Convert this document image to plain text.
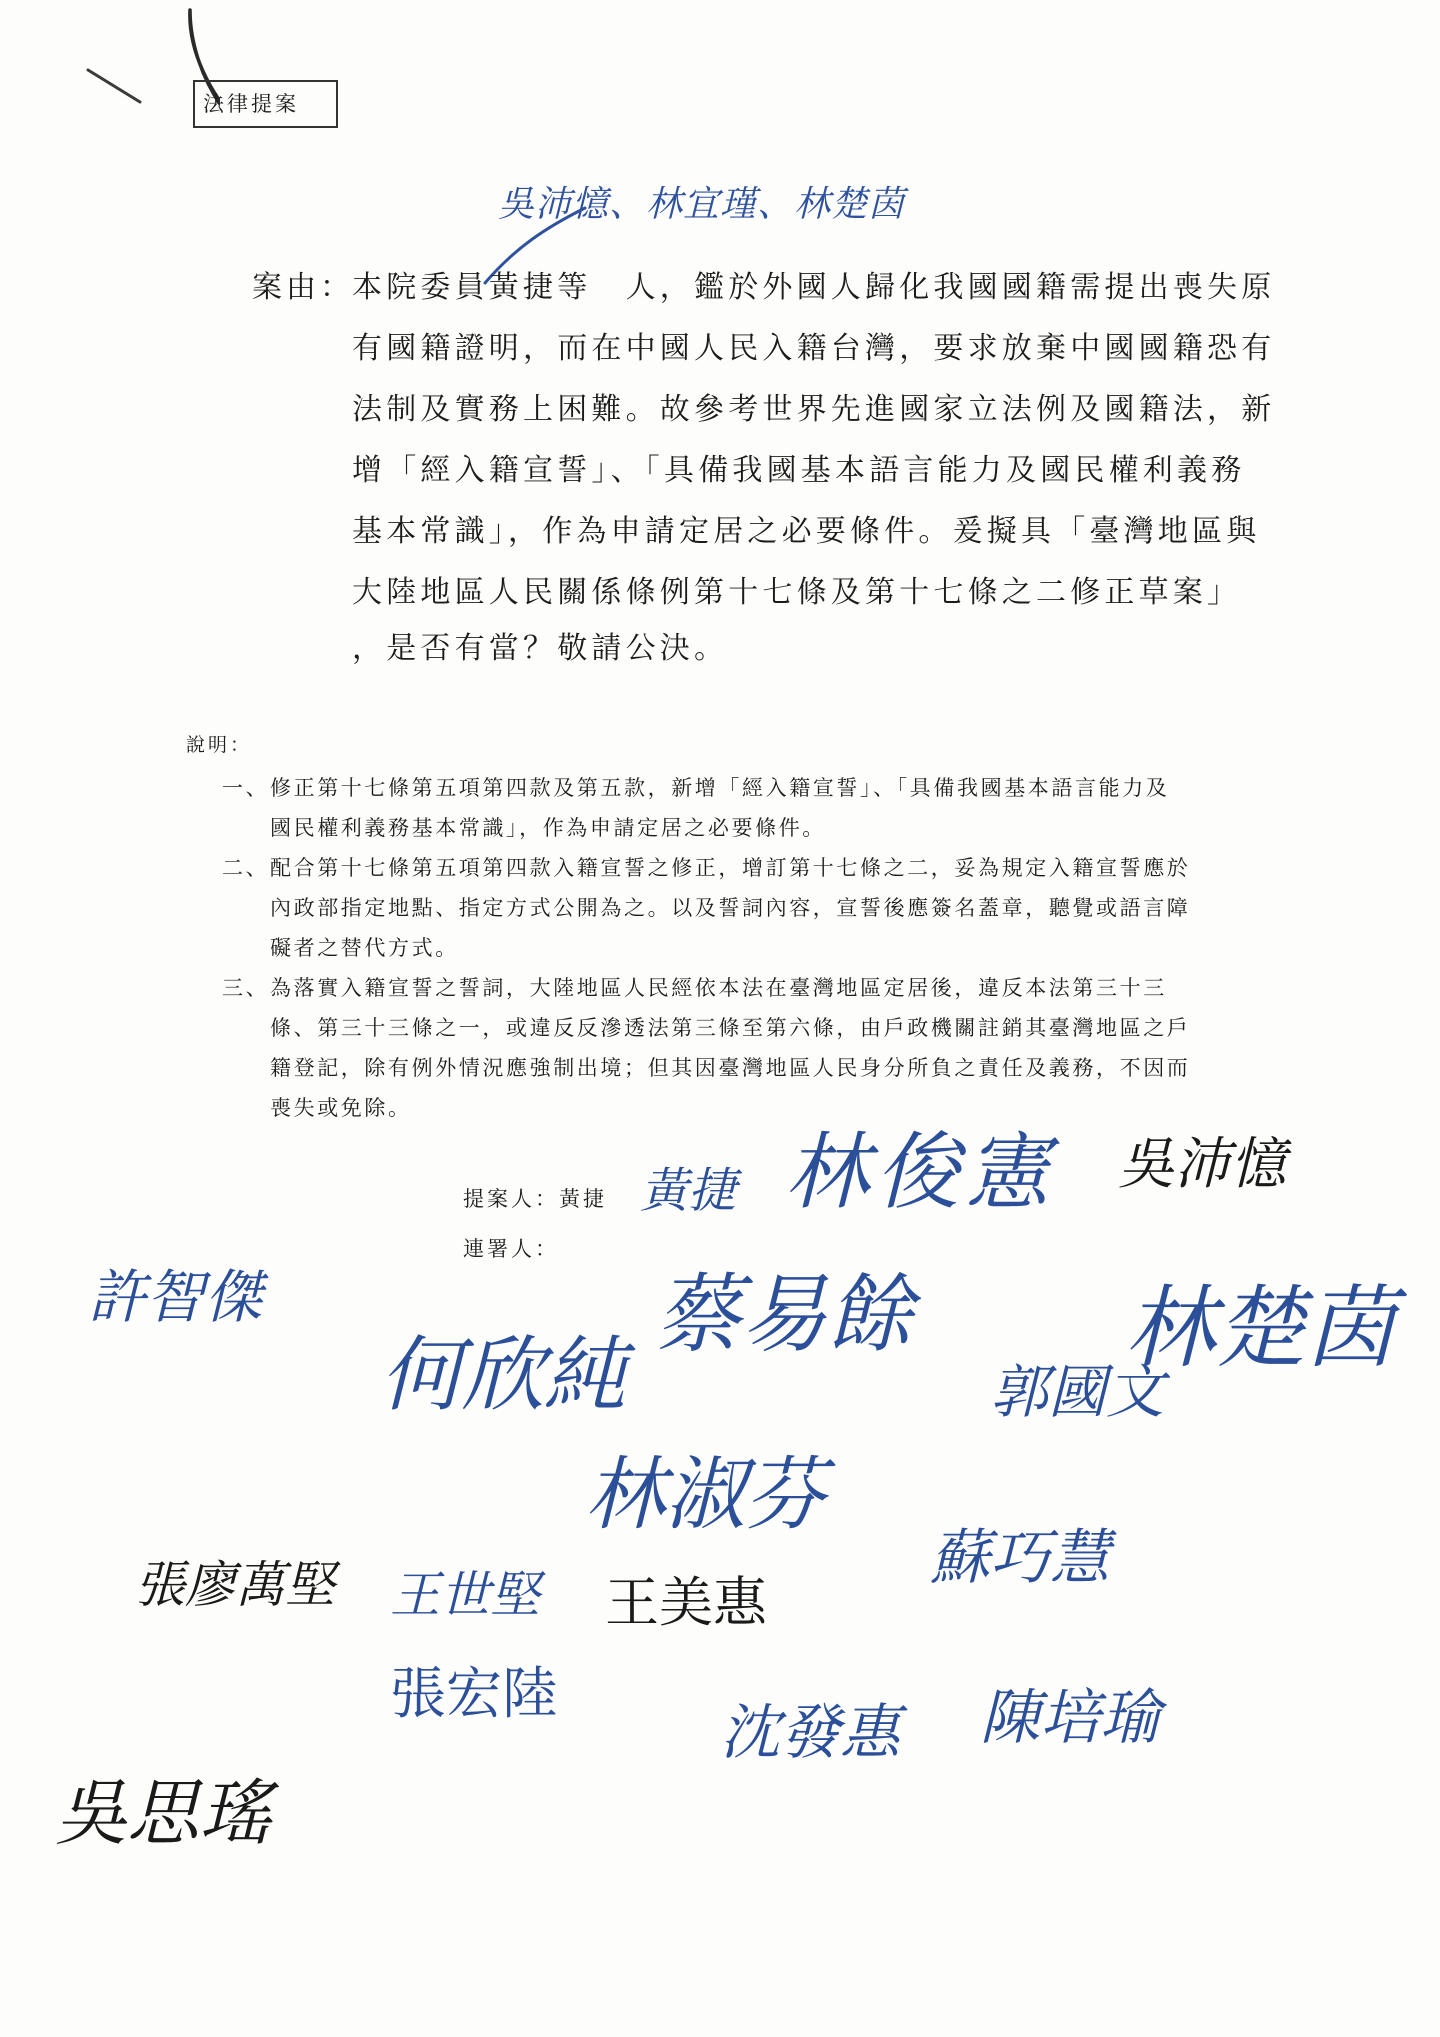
法律提案
吳沛憶、林宜瑾、林楚茵
案由：
本院委員黃捷等　人，鑑於外國人歸化我國國籍需提出喪失原
有國籍證明，而在中國人民入籍台灣，要求放棄中國國籍恐有
法制及實務上困難。故參考世界先進國家立法例及國籍法，新
增「經入籍宣誓」、「具備我國基本語言能力及國民權利義務
基本常識」，作為申請定居之必要條件。爰擬具「臺灣地區與
大陸地區人民關係條例第十七條及第十七條之二修正草案」
，是否有當？敬請公決。
說明：
一、 修正第十七條第五項第四款及第五款，新增「經入籍宣誓」、「具備我國基本語言能力及
國民權利義務基本常識」，作為申請定居之必要條件。
二、 配合第十七條第五項第四款入籍宣誓之修正，增訂第十七條之二，妥為規定入籍宣誓應於
內政部指定地點、指定方式公開為之。以及誓詞內容，宣誓後應簽名蓋章，聽覺或語言障
礙者之替代方式。
三、 為落實入籍宣誓之誓詞，大陸地區人民經依本法在臺灣地區定居後，違反本法第三十三
條、第三十三條之一，或違反反滲透法第三條至第六條，由戶政機關註銷其臺灣地區之戶
籍登記，除有例外情況應強制出境；但其因臺灣地區人民身分所負之責任及義務，不因而
喪失或免除。
提案人：黃捷
連署人：
黃捷 林俊憲 吳沛憶
許智傑
何欣純
蔡易餘 林楚茵
郭國文
林淑芬
蘇巧慧
張廖萬堅	王美惠
王世堅
張宏陸
沈發惠 陳培瑜
吳思瑤
